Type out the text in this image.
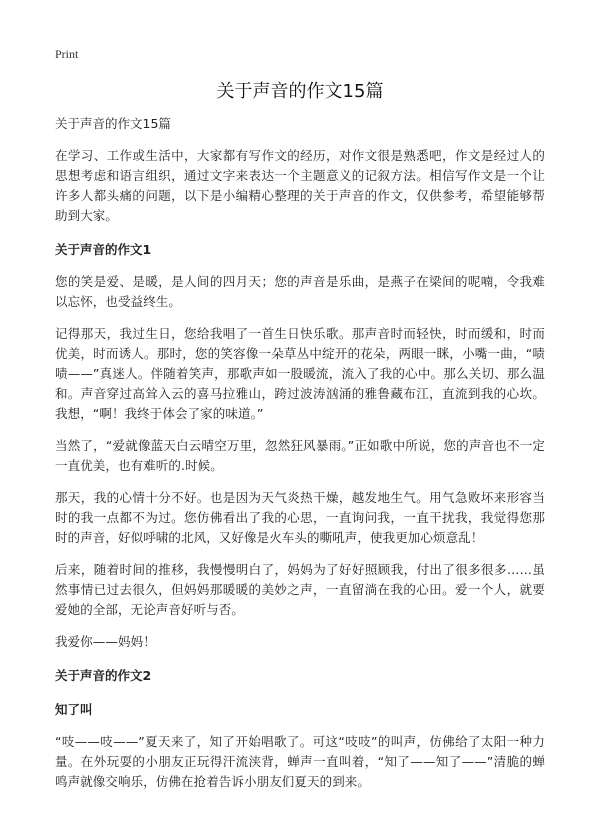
Print

关于声音的作文15篇

关于声音的作文15篇

在学习、工作或生活中，大家都有写作文的经历，对作文很是熟悉吧，作文是经过人的思想考虑和语言组织，通过文字来表达一个主题意义的记叙方法。相信写作文是一个让许多人都头痛的问题，以下是小编精心整理的关于声音的作文，仅供参考，希望能够帮助到大家。

关于声音的作文1

您的笑是爱、是暖，是人间的四月天；您的声音是乐曲，是燕子在梁间的呢喃，令我难以忘怀，也受益终生。

记得那天，我过生日，您给我唱了一首生日快乐歌。那声音时而轻快，时而缓和，时而优美，时而诱人。那时，您的笑容像一朵草丛中绽开的花朵，两眼一眯，小嘴一曲，“啧啧——”真迷人。伴随着笑声，那歌声如一股暖流，流入了我的心中。那么关切、那么温和。声音穿过高耸入云的喜马拉雅山，跨过波涛汹涌的雅鲁藏布江，直流到我的心坎。我想，“啊！我终于体会了家的味道。”

当然了，“爱就像蓝天白云晴空万里，忽然狂风暴雨。”正如歌中所说，您的声音也不一定一直优美，也有难听的.时候。

那天，我的心情十分不好。也是因为天气炎热干燥，越发地生气。用气急败坏来形容当时的我一点都不为过。您仿佛看出了我的心思，一直询问我，一直干扰我，我觉得您那时的声音，好似呼啸的北风，又好像是火车头的嘶吼声，使我更加心烦意乱！

后来，随着时间的推移，我慢慢明白了，妈妈为了好好照顾我，付出了很多很多……虽然事情已过去很久，但妈妈那暖暖的美妙之声，一直留淌在我的心田。爱一个人，就要爱她的全部，无论声音好听与否。

我爱你——妈妈！

关于声音的作文2

知了叫

“吱——吱——”夏天来了，知了开始唱歌了。可这“吱吱”的叫声，仿佛给了太阳一种力量。在外玩耍的小朋友正玩得汗流浃背，蝉声一直叫着，“知了——知了——”清脆的蝉鸣声就像交响乐，仿佛在抢着告诉小朋友们夏天的到来。
